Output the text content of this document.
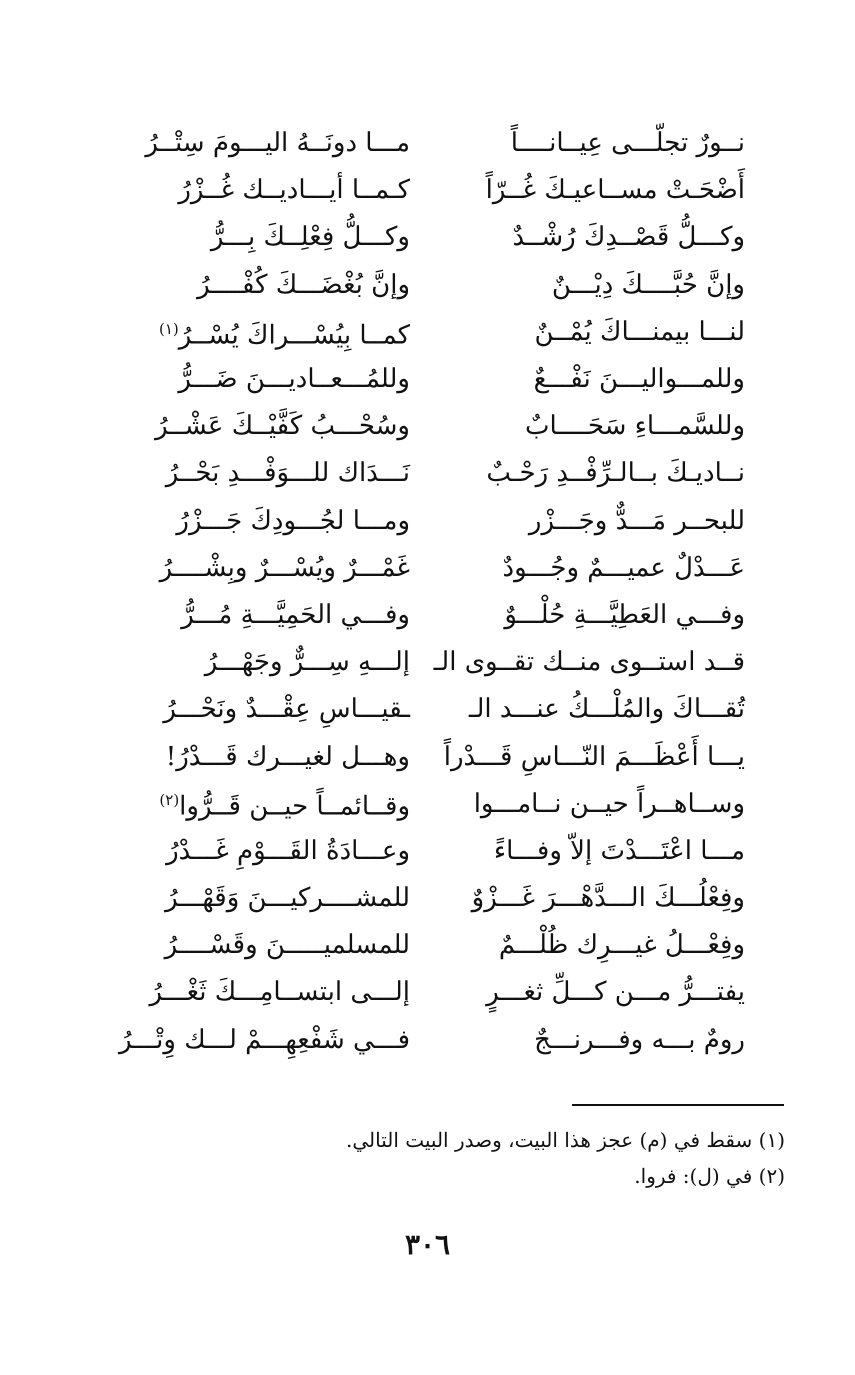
نــورٌ تجلّـــى عِيــانــــاً
مـــا دونَــهُ اليـــومَ سِتْــرُ
أَضْحَـتْ مســاعيـكَ غُــرّاً
كـمــا أيـــاديــك غُــزْرُ
وكـــلُّ قَصْــدِكَ رُشْــدٌ
وكـــلُّ فِعْلِــكَ بِـــرُّ
وإنَّ حُبَّــــكَ دِيْـــنٌ
وإنَّ بُغْضَـــكَ كُفْــــرُ
لنـــا بيمنـــاكَ يُمْــنٌ
كمــا بِيُسْـــراكَ يُسْــرُ$^{(١)}$
وللمـــواليـــنَ نَفْـــعٌ
وللمُـــعــاديـــنَ ضَـــرُّ
وللسَّمـــاءِ سَحَــــابٌ
وسُحْـــبُ كَفَّيْــكَ عَشْــرُ
نــاديـكَ بــالـرِّفْــدِ رَحْـبٌ
نَـــدَاك للـــوَفْـــدِ بَحْــرُ
للبحــر مَـــدٌّ وجَـــزْر
ومـــا لجُـــودِكَ جَـــزْرُ
عَـــدْلٌ عميـــمٌ وجُـــودٌ
غَمْـــرٌ ويُسْـــرٌ وبِشْــــرُ
وفـــي العَطِيَّـــةِ حُلْـــوٌ
وفـــي الحَمِيَّـــةِ مُـــرُّ
قــد استــوى منــك تقــوى الـ
إلـــهِ سِـــرٌّ وجَهْـــرُ
تُقـــاكَ والمُلْـــكُ عنـــد الـ
ـقيـــاسِ عِقْـــدٌ ونَحْـــرُ
يـــا أَعْظَـــمَ النّـــاسِ قَـــدْراً
وهـــل لغيـــرك قَـــدْرُ!
وســاهــراً حيــن نــامـــوا
وقــائمــاً حيــن قَــرُّوا$^{(٢)}$
مـــا اعْتَـــدْتَ إلاّ وفـــاءً
وعـــادَةُ القَـــوْمِ غَـــدْرُ
وفِعْلُـــكَ الـــدَّهْـــرَ غَـــزْوٌ
للمشــــركيـــنَ وَقَهْـــرُ
وفِعْـــلُ غيـــرِك ظُلْـــمٌ
للمسلميـــــنَ وقَسْــــرُ
يفتـــرُّ مـــن كـــلِّ ثغـــرٍ
إلـــى ابتســامِـــكَ ثَغْـــرُ
رومٌ بـــه وفـــرنـــجٌ
فـــي شَفْعِهِـــمْ لـــك وِتْـــرُ
(١) سقط في (م) عجز هذا البيت، وصدر البيت التالي.
(٢) في (ل): فروا.
٣٠٦
